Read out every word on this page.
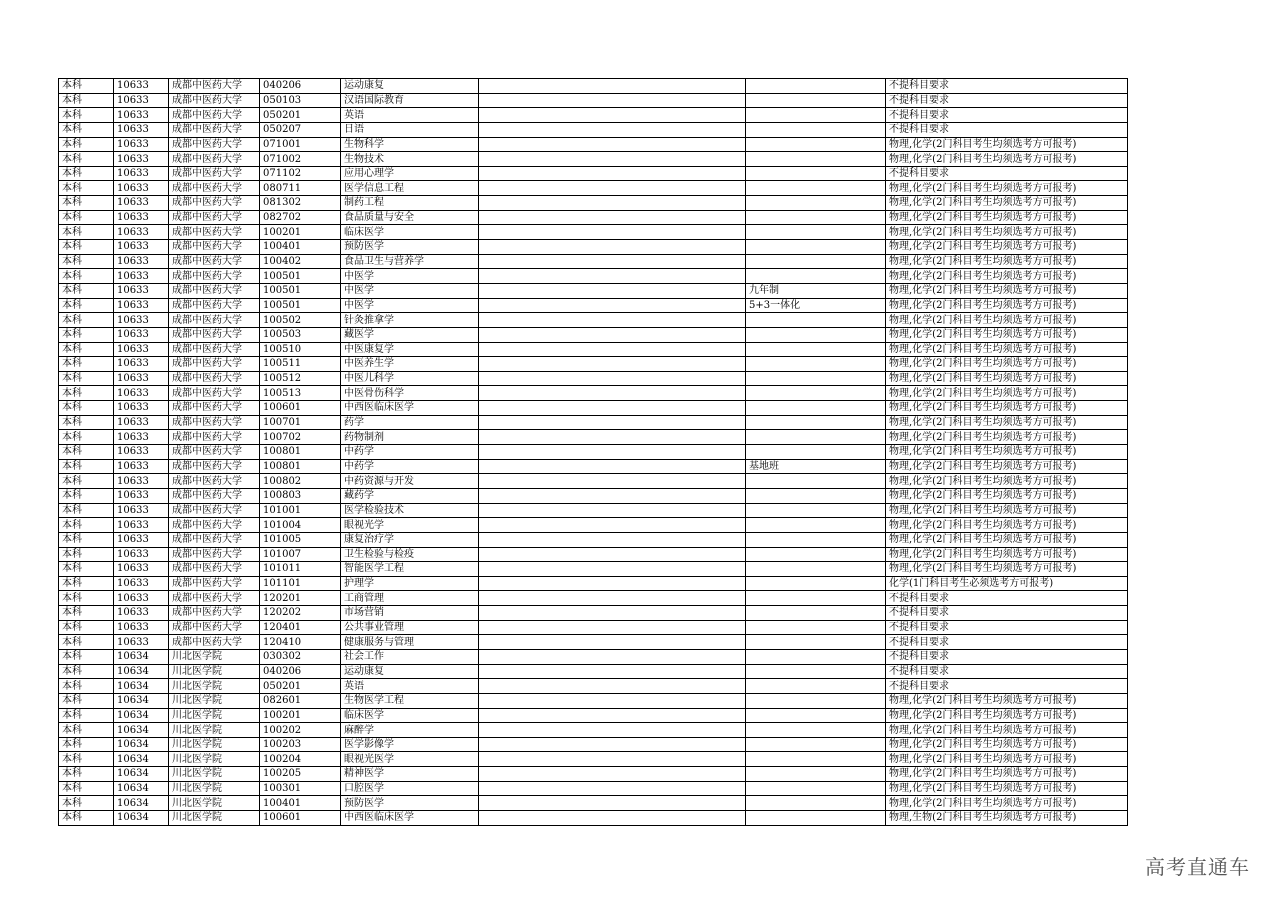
本科	10633	成都中医药大学	040206	运动康复			不提科目要求
本科	10633	成都中医药大学	050103	汉语国际教育			不提科目要求
本科	10633	成都中医药大学	050201	英语			不提科目要求
本科	10633	成都中医药大学	050207	日语			不提科目要求
本科	10633	成都中医药大学	071001	生物科学			物理,化学(2门科目考生均须选考方可报考)
本科	10633	成都中医药大学	071002	生物技术			物理,化学(2门科目考生均须选考方可报考)
本科	10633	成都中医药大学	071102	应用心理学			不提科目要求
本科	10633	成都中医药大学	080711	医学信息工程			物理,化学(2门科目考生均须选考方可报考)
本科	10633	成都中医药大学	081302	制药工程			物理,化学(2门科目考生均须选考方可报考)
本科	10633	成都中医药大学	082702	食品质量与安全			物理,化学(2门科目考生均须选考方可报考)
本科	10633	成都中医药大学	100201	临床医学			物理,化学(2门科目考生均须选考方可报考)
本科	10633	成都中医药大学	100401	预防医学			物理,化学(2门科目考生均须选考方可报考)
本科	10633	成都中医药大学	100402	食品卫生与营养学			物理,化学(2门科目考生均须选考方可报考)
本科	10633	成都中医药大学	100501	中医学			物理,化学(2门科目考生均须选考方可报考)
本科	10633	成都中医药大学	100501	中医学		九年制	物理,化学(2门科目考生均须选考方可报考)
本科	10633	成都中医药大学	100501	中医学		5+3一体化	物理,化学(2门科目考生均须选考方可报考)
本科	10633	成都中医药大学	100502	针灸推拿学			物理,化学(2门科目考生均须选考方可报考)
本科	10633	成都中医药大学	100503	藏医学			物理,化学(2门科目考生均须选考方可报考)
本科	10633	成都中医药大学	100510	中医康复学			物理,化学(2门科目考生均须选考方可报考)
本科	10633	成都中医药大学	100511	中医养生学			物理,化学(2门科目考生均须选考方可报考)
本科	10633	成都中医药大学	100512	中医儿科学			物理,化学(2门科目考生均须选考方可报考)
本科	10633	成都中医药大学	100513	中医骨伤科学			物理,化学(2门科目考生均须选考方可报考)
本科	10633	成都中医药大学	100601	中西医临床医学			物理,化学(2门科目考生均须选考方可报考)
本科	10633	成都中医药大学	100701	药学			物理,化学(2门科目考生均须选考方可报考)
本科	10633	成都中医药大学	100702	药物制剂			物理,化学(2门科目考生均须选考方可报考)
本科	10633	成都中医药大学	100801	中药学			物理,化学(2门科目考生均须选考方可报考)
本科	10633	成都中医药大学	100801	中药学		基地班	物理,化学(2门科目考生均须选考方可报考)
本科	10633	成都中医药大学	100802	中药资源与开发			物理,化学(2门科目考生均须选考方可报考)
本科	10633	成都中医药大学	100803	藏药学			物理,化学(2门科目考生均须选考方可报考)
本科	10633	成都中医药大学	101001	医学检验技术			物理,化学(2门科目考生均须选考方可报考)
本科	10633	成都中医药大学	101004	眼视光学			物理,化学(2门科目考生均须选考方可报考)
本科	10633	成都中医药大学	101005	康复治疗学			物理,化学(2门科目考生均须选考方可报考)
本科	10633	成都中医药大学	101007	卫生检验与检疫			物理,化学(2门科目考生均须选考方可报考)
本科	10633	成都中医药大学	101011	智能医学工程			物理,化学(2门科目考生均须选考方可报考)
本科	10633	成都中医药大学	101101	护理学			化学(1门科目考生必须选考方可报考)
本科	10633	成都中医药大学	120201	工商管理			不提科目要求
本科	10633	成都中医药大学	120202	市场营销			不提科目要求
本科	10633	成都中医药大学	120401	公共事业管理			不提科目要求
本科	10633	成都中医药大学	120410	健康服务与管理			不提科目要求
本科	10634	川北医学院	030302	社会工作			不提科目要求
本科	10634	川北医学院	040206	运动康复			不提科目要求
本科	10634	川北医学院	050201	英语			不提科目要求
本科	10634	川北医学院	082601	生物医学工程			物理,化学(2门科目考生均须选考方可报考)
本科	10634	川北医学院	100201	临床医学			物理,化学(2门科目考生均须选考方可报考)
本科	10634	川北医学院	100202	麻醉学			物理,化学(2门科目考生均须选考方可报考)
本科	10634	川北医学院	100203	医学影像学			物理,化学(2门科目考生均须选考方可报考)
本科	10634	川北医学院	100204	眼视光医学			物理,化学(2门科目考生均须选考方可报考)
本科	10634	川北医学院	100205	精神医学			物理,化学(2门科目考生均须选考方可报考)
本科	10634	川北医学院	100301	口腔医学			物理,化学(2门科目考生均须选考方可报考)
本科	10634	川北医学院	100401	预防医学			物理,化学(2门科目考生均须选考方可报考)
本科	10634	川北医学院	100601	中西医临床医学			物理,生物(2门科目考生均须选考方可报考)
高考直通车
